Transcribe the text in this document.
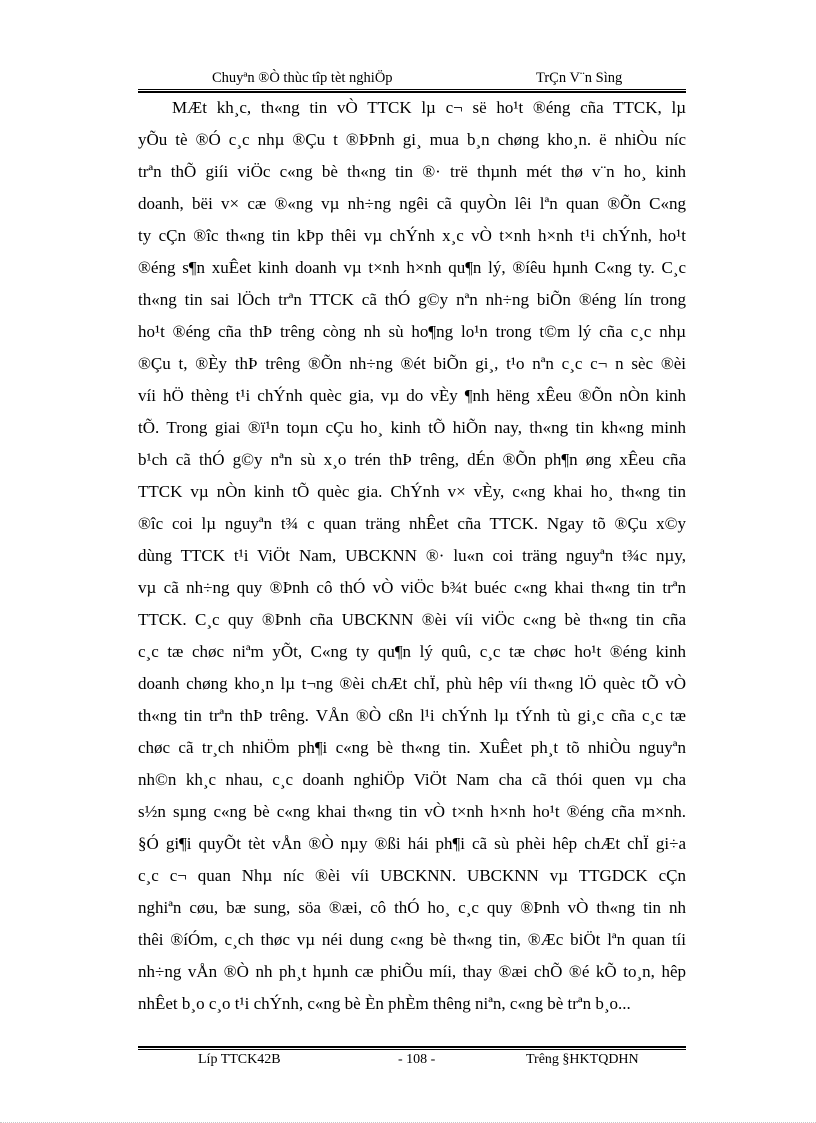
Chuyªn ®Ò thùc tîp tèt nghiÖp	TrÇn V¨n Sìng
MÆt kh¸c, th«ng tin vÒ TTCK lµ c¬ së ho¹t ®éng cña TTCK, lµ
yÕu tè ®Ó c¸c nhµ ®Çu t ®ÞÞnh gi¸ mua b¸n chøng kho¸n. ë nhiÒu níc
trªn thÕ giíi viÖc c«ng bè th«ng tin ®· trë thµnh mét thø v¨n ho¸ kinh
doanh, bëi v× cæ ®«ng vµ nh÷ng ngêi cã quyÒn lêi lªn quan ®Õn C«ng
ty cÇn ®îc th«ng tin kÞp thêi vµ chÝnh x¸c vÒ t×nh h×nh t¹i chÝnh, ho¹t
®éng s¶n xuÊet kinh doanh vµ t×nh h×nh qu¶n lý, ®íêu hµnh C«ng ty. C¸c
th«ng tin sai lÖch trªn TTCK cã thÓ g©y nªn nh÷ng biÕn ®éng lín trong
ho¹t ®éng cña thÞ trêng còng nh sù ho¶ng lo¹n trong t©m lý cña c¸c nhµ
®Çu t, ®Èy thÞ trêng ®Õn nh÷ng ®ét biÕn gi¸, t¹o nªn c¸c c¬ n sèc ®èi
víi hÖ thèng t¹i chÝnh quèc gia, vµ do vÈy ¶nh hëng xÊeu ®Õn nÒn kinh
tÕ. Trong giai ®ï¹n toµn cÇu ho¸ kinh tÕ hiÕn nay, th«ng tin kh«ng minh
b¹ch cã thÓ g©y nªn sù x¸o trén thÞ trêng, dÉn ®Õn ph¶n øng xÊeu cña
TTCK vµ nÒn kinh tÕ quèc gia. ChÝnh v× vÈy, c«ng khai ho¸ th«ng tin
®îc coi lµ nguyªn t¾ c quan träng nhÊet cña TTCK. Ngay tõ ®Çu x©y
dùng TTCK t¹i ViÖt Nam, UBCKNN ®· lu«n coi träng nguyªn t¾c nµy,
vµ cã nh÷ng quy ®Þnh cô thÓ vÒ viÖc b¾t buéc c«ng khai th«ng tin trªn
TTCK. C¸c quy ®Þnh cña UBCKNN ®èi víi viÖc c«ng bè th«ng tin cña
c¸c tæ chøc niªm yÕt, C«ng ty qu¶n lý quû, c¸c tæ chøc ho¹t ®éng kinh
doanh chøng kho¸n lµ t¬ng ®èi chÆt chÏ, phù hêp víi th«ng lÖ quèc tÕ vÒ
th«ng tin trªn thÞ trêng. VÅn ®Ò cßn l¹i chÝnh lµ tÝnh tù gi¸c cña c¸c tæ
chøc cã tr¸ch nhiÖm ph¶i c«ng bè th«ng tin. XuÊet ph¸t tõ nhiÒu nguyªn
nh©n kh¸c nhau, c¸c doanh nghiÖp ViÖt Nam cha cã thói quen vµ cha
s½n sµng c«ng bè c«ng khai th«ng tin vÒ t×nh h×nh ho¹t ®éng cña m×nh.
§Ó gi¶i quyÕt tèt vÅn ®Ò nµy ®ßi hái ph¶i cã sù phèi hêp chÆt chÏ gi÷a
c¸c c¬ quan Nhµ níc ®èi víi UBCKNN. UBCKNN vµ TTGDCK cÇn
nghiªn cøu, bæ sung, söa ®æi, cô thÓ ho¸ c¸c quy ®Þnh vÒ th«ng tin nh
thêi ®íÓm, c¸ch thøc vµ néi dung c«ng bè th«ng tin, ®Æc biÖt lªn quan tíi
nh÷ng vÅn ®Ò nh ph¸t hµnh cæ phiÕu míi, thay ®æi chÕ ®é kÕ to¸n, hêp
nhÊet b¸o c¸o t¹i chÝnh, c«ng bè Èn phÈm thêng niªn, c«ng bè trªn b¸o...
Líp TTCK42B	- 108 -	Trêng §HKTQDHN
